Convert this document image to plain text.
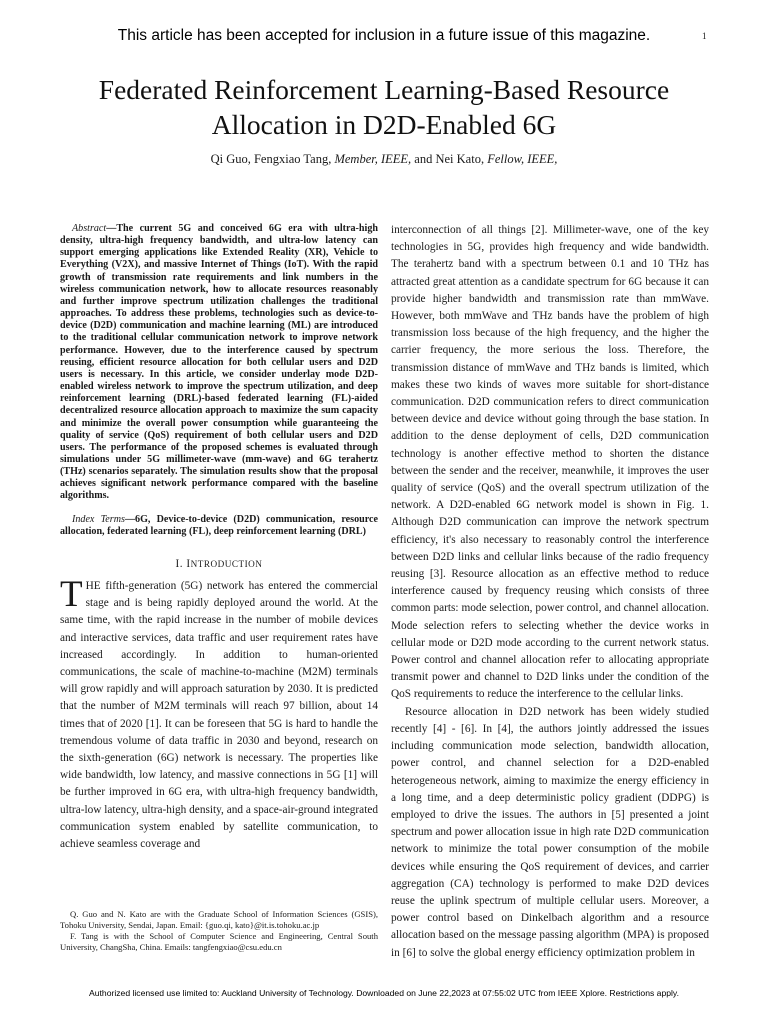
This article has been accepted for inclusion in a future issue of this magazine.	1
Federated Reinforcement Learning-Based Resource
Allocation in D2D-Enabled 6G
Qi Guo, Fengxiao Tang, Member, IEEE, and Nei Kato, Fellow, IEEE,

Abstract—The current 5G and conceived 6G era with ultra-high density, ultra-high frequency bandwidth, and ultra-low latency can support emerging applications like Extended Reality (XR), Vehicle to Everything (V2X), and massive Internet of Things (IoT). With the rapid growth of transmission rate requirements and link numbers in the wireless communication network, how to allocate resources reasonably and further improve spectrum utilization challenges the traditional approaches. To address these problems, technologies such as device-to-device (D2D) communication and machine learning (ML) are introduced to the traditional cellular communication network to improve network performance. However, due to the interference caused by spectrum reusing, efficient resource allocation for both cellular users and D2D users is necessary. In this article, we consider underlay mode D2D-enabled wireless network to improve the spectrum utilization, and deep reinforcement learning (DRL)-based federated learning (FL)-aided decentralized resource allocation approach to maximize the sum capacity and minimize the overall power consumption while guaranteeing the quality of service (QoS) requirement of both cellular users and D2D users. The performance of the proposed schemes is evaluated through simulations under 5G millimeter-wave (mm-wave) and 6G terahertz (THz) scenarios separately. The simulation results show that the proposal achieves significant network performance compared with the baseline algorithms.

Index Terms—6G, Device-to-device (D2D) communication, resource allocation, federated learning (FL), deep reinforcement learning (DRL)

I. INTRODUCTION

THE fifth-generation (5G) network has entered the commercial stage and is being rapidly deployed around the world. At the same time, with the rapid increase in the number of mobile devices and interactive services, data traffic and user requirement rates have increased accordingly. In addition to human-oriented communications, the scale of machine-to-machine (M2M) terminals will grow rapidly and will approach saturation by 2030. It is predicted that the number of M2M terminals will reach 97 billion, about 14 times that of 2020 [1]. It can be foreseen that 5G is hard to handle the tremendous volume of data traffic in 2030 and beyond, research on the sixth-generation (6G) network is necessary. The properties like wide bandwidth, low latency, and massive connections in 5G [1] will be further improved in 6G era, with ultra-high frequency bandwidth, ultra-low latency, ultra-high density, and a space-air-ground integrated communication system enabled by satellite communication, to achieve seamless coverage and

Q. Guo and N. Kato are with the Graduate School of Information Sciences (GSIS), Tohoku University, Sendai, Japan. Email: {guo.qi, kato}@it.is.tohoku.ac.jp

F. Tang is with the School of Computer Science and Engineering, Central South University, ChangSha, China. Emails: tangfengxiao@csu.edu.cn

interconnection of all things [2]. Millimeter-wave, one of the key technologies in 5G, provides high frequency and wide bandwidth. The terahertz band with a spectrum between 0.1 and 10 THz has attracted great attention as a candidate spectrum for 6G because it can provide higher bandwidth and transmission rate than mmWave. However, both mmWave and THz bands have the problem of high transmission loss because of the high frequency, and the higher the carrier frequency, the more serious the loss. Therefore, the transmission distance of mmWave and THz bands is limited, which makes these two kinds of waves more suitable for short-distance communication. D2D communication refers to direct communication between device and device without going through the base station. In addition to the dense deployment of cells, D2D communication technology is another effective method to shorten the distance between the sender and the receiver, meanwhile, it improves the user quality of service (QoS) and the overall spectrum utilization of the network. A D2D-enabled 6G network model is shown in Fig. 1. Although D2D communication can improve the network spectrum efficiency, it's also necessary to reasonably control the interference between D2D links and cellular links because of the radio frequency reusing [3]. Resource allocation as an effective method to reduce interference caused by frequency reusing which consists of three common parts: mode selection, power control, and channel allocation. Mode selection refers to selecting whether the device works in cellular mode or D2D mode according to the current network status. Power control and channel allocation refer to allocating appropriate transmit power and channel to D2D links under the condition of the QoS requirements to reduce the interference to the cellular links.

Resource allocation in D2D network has been widely studied recently [4] - [6]. In [4], the authors jointly addressed the issues including communication mode selection, bandwidth allocation, power control, and channel selection for a D2D-enabled heterogeneous network, aiming to maximize the energy efficiency in a long time, and a deep deterministic policy gradient (DDPG) is employed to drive the issues. The authors in [5] presented a joint spectrum and power allocation issue in high rate D2D communication network to minimize the total power consumption of the mobile devices while ensuring the QoS requirement of devices, and carrier aggregation (CA) technology is performed to make D2D devices reuse the uplink spectrum of multiple cellular users. Moreover, a power control based on Dinkelbach algorithm and a resource allocation based on the message passing algorithm (MPA) is proposed in [6] to solve the global energy efficiency optimization problem in

Authorized licensed use limited to: Auckland University of Technology. Downloaded on June 22,2023 at 07:55:02 UTC from IEEE Xplore. Restrictions apply.
